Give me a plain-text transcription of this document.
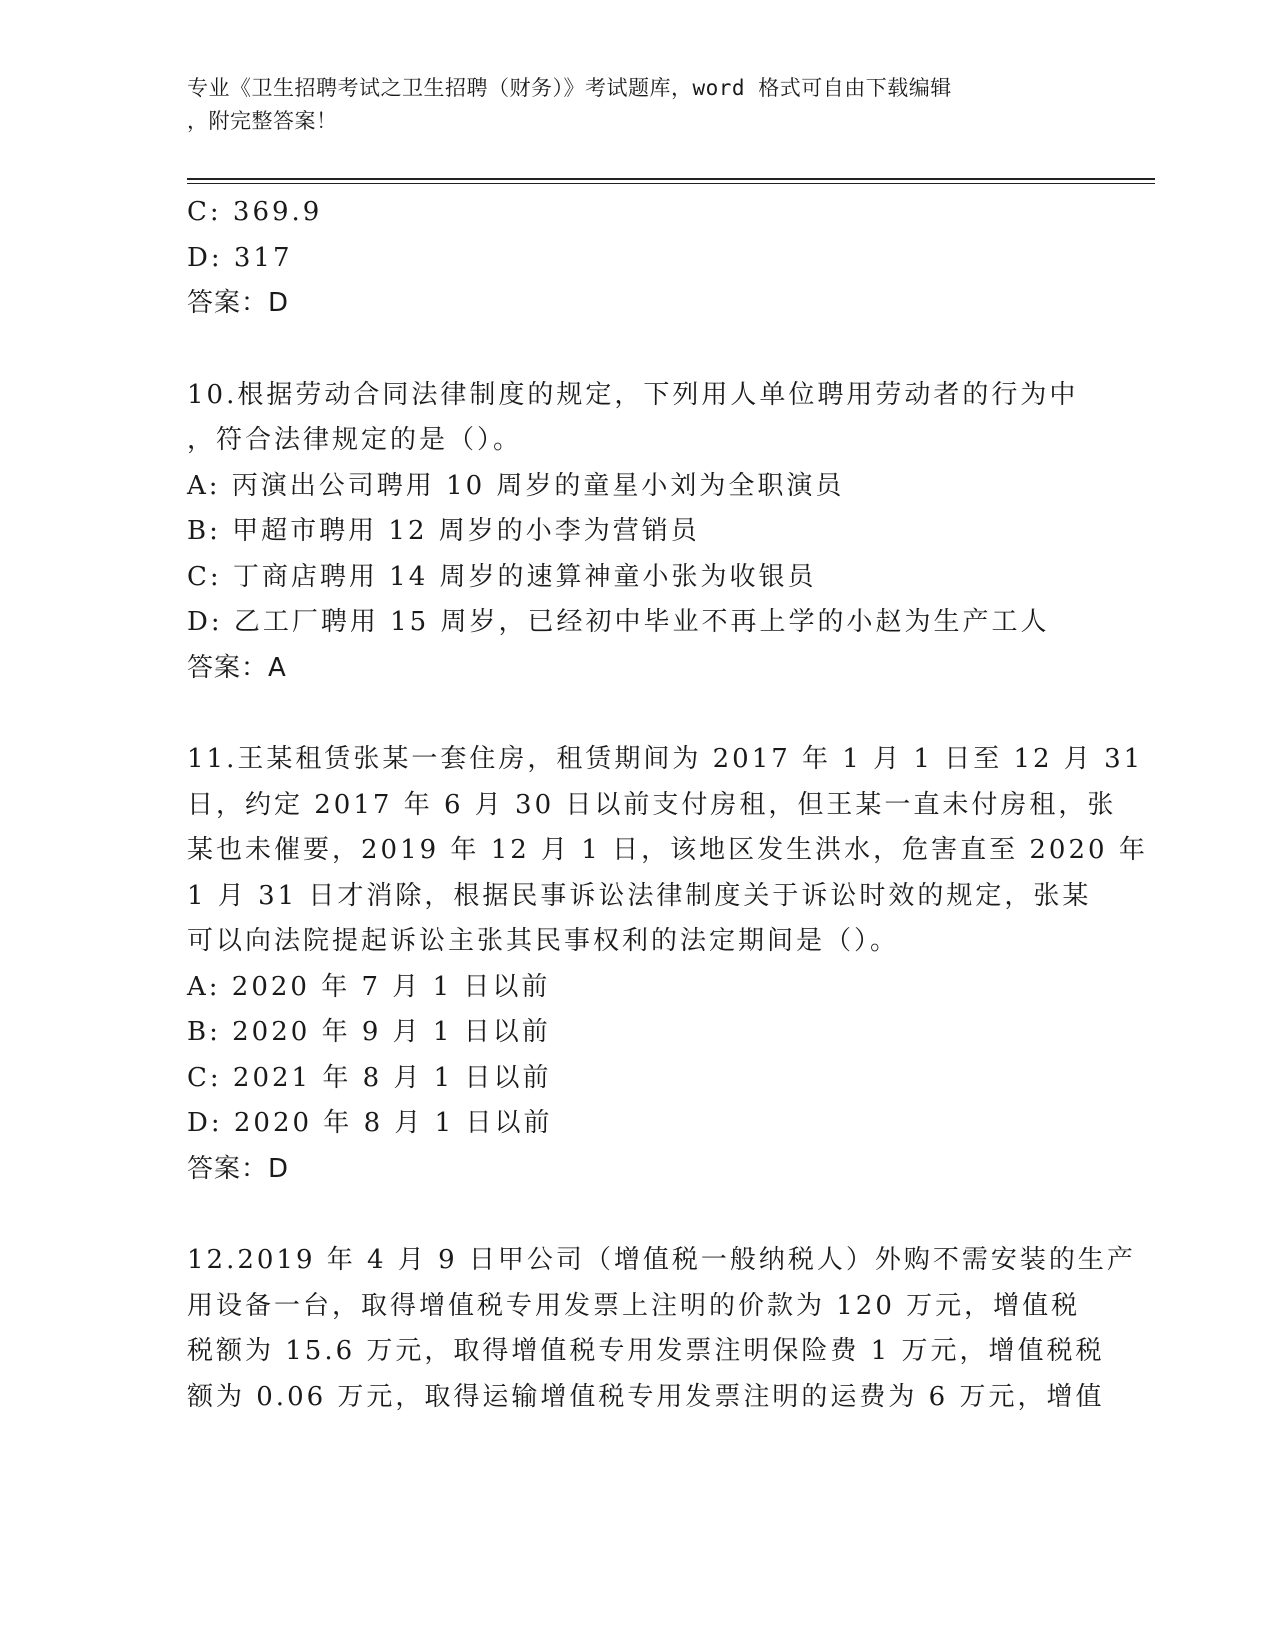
专业《卫生招聘考试之卫生招聘（财务）》考试题库，word 格式可自由下载编辑
，附完整答案！
C: 369.9
D: 317
答案：D
10.根据劳动合同法律制度的规定，下列用人单位聘用劳动者的行为中
，符合法律规定的是（）。
A: 丙演出公司聘用 10 周岁的童星小刘为全职演员
B: 甲超市聘用 12 周岁的小李为营销员
C: 丁商店聘用 14 周岁的速算神童小张为收银员
D: 乙工厂聘用 15 周岁，已经初中毕业不再上学的小赵为生产工人
答案：A
11.王某租赁张某一套住房，租赁期间为 2017 年 1 月 1 日至 12 月 31
日，约定 2017 年 6 月 30 日以前支付房租，但王某一直未付房租，张
某也未催要，2019 年 12 月 1 日，该地区发生洪水，危害直至 2020 年
1 月 31 日才消除，根据民事诉讼法律制度关于诉讼时效的规定，张某
可以向法院提起诉讼主张其民事权利的法定期间是（）。
A: 2020 年 7 月 1 日以前
B: 2020 年 9 月 1 日以前
C: 2021 年 8 月 1 日以前
D: 2020 年 8 月 1 日以前
答案：D
12.2019 年 4 月 9 日甲公司（增值税一般纳税人）外购不需安装的生产
用设备一台，取得增值税专用发票上注明的价款为 120 万元，增值税
税额为 15.6 万元，取得增值税专用发票注明保险费 1 万元，增值税税
额为 0.06 万元，取得运输增值税专用发票注明的运费为 6 万元，增值
